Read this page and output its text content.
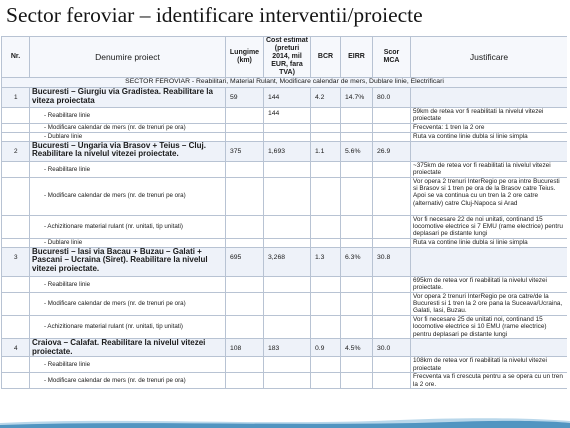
Sector feroviar – identificare interventii/proiecte
Nr.	Denumire proiect	Lungime (km)	Cost estimat (preturi 2014, mil EUR, fara TVA)	BCR	EIRR	Scor MCA	Justificare
SECTOR FEROVIAR - Reabilitari, Material Rulant, Modificare calendar de mers, Dublare linie, Electrificari							
1	Bucuresti – Giurgiu via Gradistea. Reabilitare la viteza proiectata	59	144	4.2	14.7%	80.0	
	- Reabilitare linie		144				59km de retea vor fi reabilitati la nivelul vitezei proiectate
	- Modificare calendar de mers (nr. de trenuri pe ora)						Frecventa: 1 tren la 2 ore
	- Dublare linie						Ruta va contine linie dubla si linie simpla
2	Bucuresti – Ungaria via Brasov + Teius – Cluj. Reabilitare la nivelul vitezei proiectate.	375	1,693	1.1	5.6%	26.9	
	- Reabilitare linie						~375km de retea vor fi reabilitati la nivelul vitezei proiectate
	- Modificare calendar de mers (nr. de trenuri pe ora)						Vor opera 2 trenuri InterRegio pe ora intre Bucuresti si Brasov si 1 tren pe ora de la Brasov catre Teius. Apoi se va continua cu un tren la 2 ore catre (alternativ) catre Cluj-Napoca si Arad
	- Achizitionare material rulant (nr. unitati, tip unitati)						Vor fi necesare 22 de noi unitati, continand 15 locomotive electrice si 7 EMU (rame electrice) pentru deplasari pe distante lungi
	- Dublare linie						Ruta va contine linie dubla si linie simpla
3	Bucuresti – Iasi via Bacau + Buzau – Galati + Pascani – Ucraina (Siret). Reabilitare la nivelul vitezei proiectate.	695	3,268	1.3	6.3%	30.8	
	- Reabilitare linie						695km de retea vor fi reabilitati la nivelul vitezei proiectate.
	- Modificare calendar de mers (nr. de trenuri pe ora)						Vor opera 2 trenuri InterRegio pe ora catre/de la Bucuresti si 1 tren la 2 ore pana la Suceava/Ucraina, Galati, Iasi, Buzau.
	- Achizitionare material rulant (nr. unitati, tip unitati)						Vor fi necesare 25 de unitati noi, continand 15 locomotive electrice si 10 EMU (rame electrice) pentru deplasari pe distante lungi
4	Craiova – Calafat. Reabilitare la nivelul vitezei proiectate.	108	183	0.9	4.5%	30.0	
	- Reabilitare linie						108km de retea vor fi reabilitati la nivelul vitezei proiectate
	- Modificare calendar de mers (nr. de trenuri pe ora)						Frecventa va fi crescuta pentru a se opera cu un tren la 2 ore.
